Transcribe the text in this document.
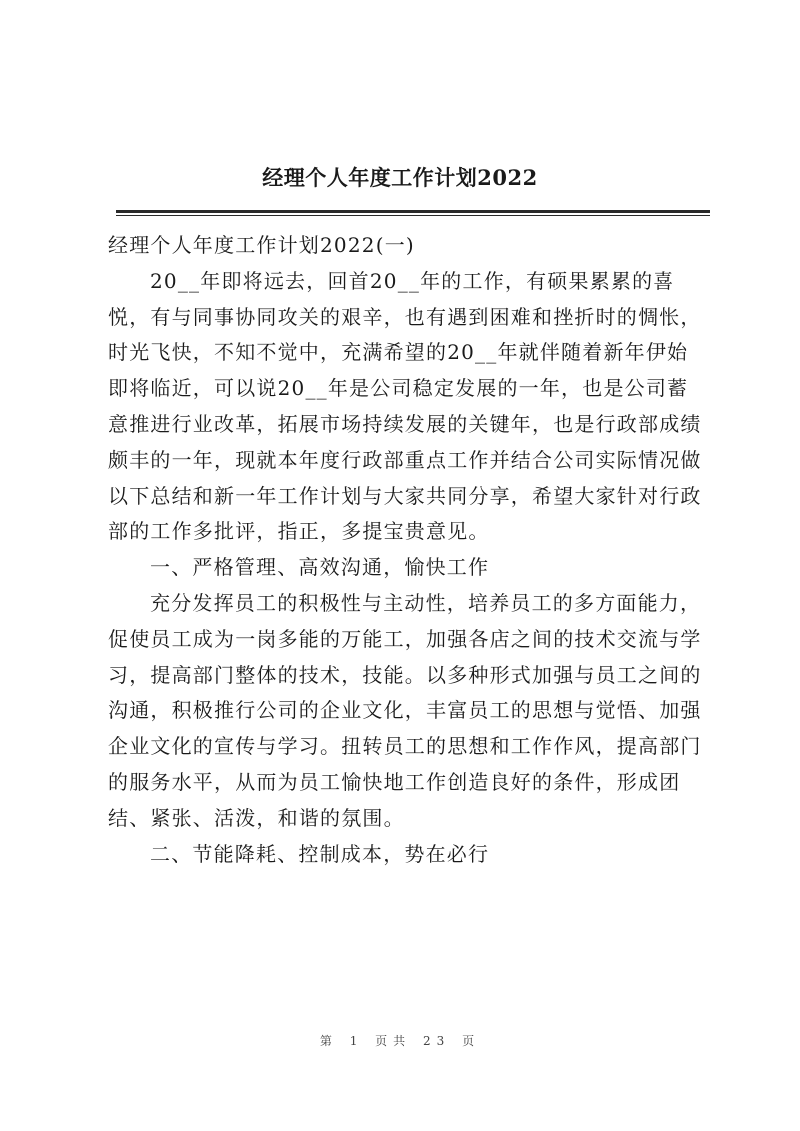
经理个人年度工作计划2022
经理个人年度工作计划2022(一)
20__年即将远去，回首20__年的工作，有硕果累累的喜
悦，有与同事协同攻关的艰辛，也有遇到困难和挫折时的惆怅，
时光飞快，不知不觉中，充满希望的20__年就伴随着新年伊始
即将临近，可以说20__年是公司稳定发展的一年，也是公司蓄
意推进行业改革，拓展市场持续发展的关键年，也是行政部成绩
颇丰的一年，现就本年度行政部重点工作并结合公司实际情况做
以下总结和新一年工作计划与大家共同分享，希望大家针对行政
部的工作多批评，指正，多提宝贵意见。
一、严格管理、高效沟通，愉快工作
充分发挥员工的积极性与主动性，培养员工的多方面能力，
促使员工成为一岗多能的万能工，加强各店之间的技术交流与学
习，提高部门整体的技术，技能。以多种形式加强与员工之间的
沟通，积极推行公司的企业文化，丰富员工的思想与觉悟、加强
企业文化的宣传与学习。扭转员工的思想和工作作风，提高部门
的服务水平，从而为员工愉快地工作创造良好的条件，形成团
结、紧张、活泼，和谐的氛围。
二、节能降耗、控制成本，势在必行
第 1 页共 23 页
